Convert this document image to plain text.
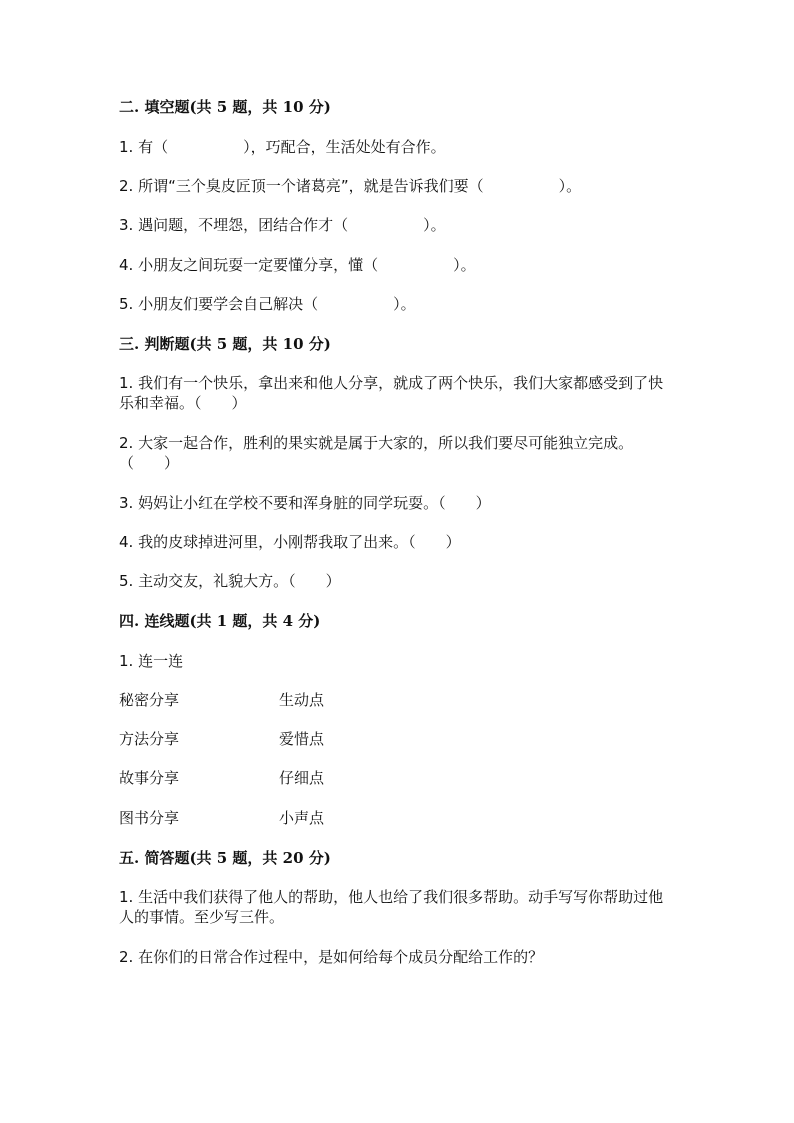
二. 填空题(共 5 题，共 10 分)
1. 有（　　　　　），巧配合，生活处处有合作。
2. 所谓“三个臭皮匠顶一个诸葛亮”，就是告诉我们要（　　　　　）。
3. 遇问题，不埋怨，团结合作才（　　　　　）。
4. 小朋友之间玩耍一定要懂分享，懂（　　　　　）。
5. 小朋友们要学会自己解决（　　　　　）。
三. 判断题(共 5 题，共 10 分)
1. 我们有一个快乐，拿出来和他人分享，就成了两个快乐，我们大家都感受到了快乐和幸福。（　　）
2. 大家一起合作，胜利的果实就是属于大家的，所以我们要尽可能独立完成。（　　）
3. 妈妈让小红在学校不要和浑身脏的同学玩耍。（　　）
4. 我的皮球掉进河里，小刚帮我取了出来。（　　）
5. 主动交友，礼貌大方。（　　）
四. 连线题(共 1 题，共 4 分)
1. 连一连
秘密分享	生动点
方法分享	爱惜点
故事分享	仔细点
图书分享	小声点
五. 简答题(共 5 题，共 20 分)
1. 生活中我们获得了他人的帮助，他人也给了我们很多帮助。动手写写你帮助过他人的事情。至少写三件。
2. 在你们的日常合作过程中，是如何给每个成员分配给工作的？
